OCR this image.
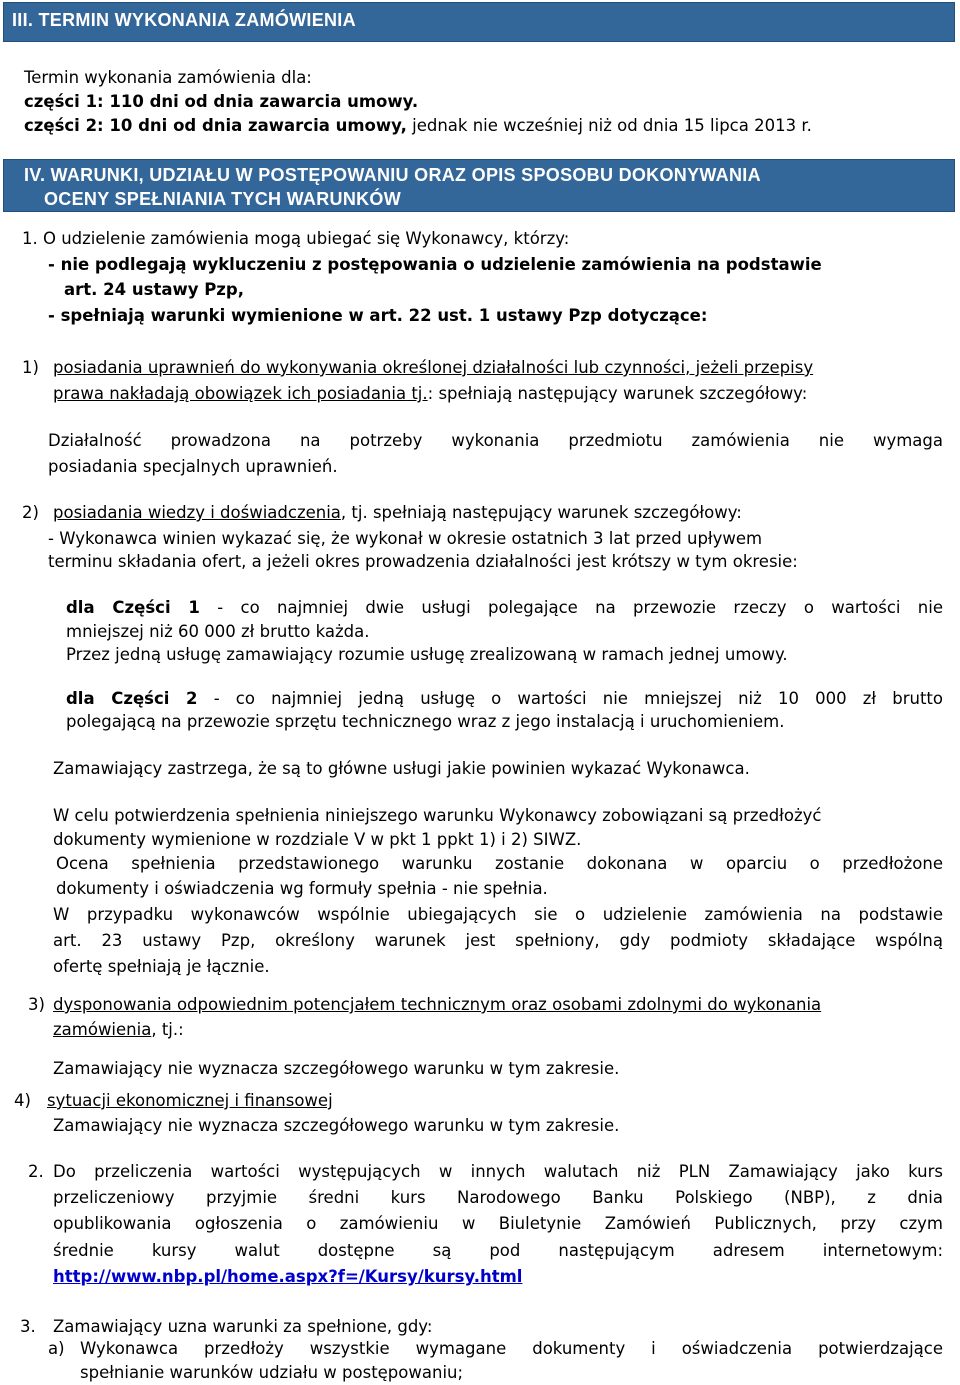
III. TERMIN WYKONANIA ZAMÓWIENIA
Termin wykonania zamówienia dla:
części 1: 110 dni od dnia zawarcia umowy.
części 2: 10 dni od dnia zawarcia umowy, jednak nie wcześniej niż od dnia 15 lipca 2013 r.
IV. WARUNKI, UDZIAŁU W POSTĘPOWANIU ORAZ OPIS SPOSOBU DOKONYWANIA
OCENY SPEŁNIANIA TYCH WARUNKÓW
1. O udzielenie zamówienia mogą ubiegać się Wykonawcy, którzy:
- nie podlegają wykluczeniu z postępowania o udzielenie zamówienia na podstawie
art. 24 ustawy Pzp,
- spełniają warunki wymienione w art. 22 ust. 1 ustawy Pzp dotyczące:
1) posiadania uprawnień do wykonywania określonej działalności lub czynności, jeżeli przepisy
prawa nakładają obowiązek ich posiadania tj.: spełniają następujący warunek szczegółowy:
Działalność prowadzona na potrzeby wykonania przedmiotu zamówienia nie wymaga
posiadania specjalnych uprawnień.
2) posiadania wiedzy i doświadczenia, tj. spełniają następujący warunek szczegółowy:
- Wykonawca winien wykazać się, że wykonał w okresie ostatnich 3 lat przed upływem
terminu składania ofert, a jeżeli okres prowadzenia działalności jest krótszy w tym okresie:
dla Części 1 - co najmniej dwie usługi polegające na przewozie rzeczy o wartości nie
mniejszej niż 60 000 zł brutto każda.
Przez jedną usługę zamawiający rozumie usługę zrealizowaną w ramach jednej umowy.
dla Części 2 - co najmniej jedną usługę o wartości nie mniejszej niż 10 000 zł brutto
polegającą na przewozie sprzętu technicznego wraz z jego instalacją i uruchomieniem.
Zamawiający zastrzega, że są to główne usługi jakie powinien wykazać Wykonawca.
W celu potwierdzenia spełnienia niniejszego warunku Wykonawcy zobowiązani są przedłożyć
dokumenty wymienione w rozdziale V w pkt 1 ppkt 1) i 2) SIWZ.
Ocena spełnienia przedstawionego warunku zostanie dokonana w oparciu o przedłożone
dokumenty i oświadczenia wg formuły spełnia - nie spełnia.
W przypadku wykonawców wspólnie ubiegających sie o udzielenie zamówienia na podstawie
art. 23 ustawy Pzp, określony warunek jest spełniony, gdy podmioty składające wspólną
ofertę spełniają je łącznie.
3) dysponowania odpowiednim potencjałem technicznym oraz osobami zdolnymi do wykonania
zamówienia, tj.:
Zamawiający nie wyznacza szczegółowego warunku w tym zakresie.
4) sytuacji ekonomicznej i finansowej
Zamawiający nie wyznacza szczegółowego warunku w tym zakresie.
2. Do przeliczenia wartości występujących w innych walutach niż PLN Zamawiający jako kurs
przeliczeniowy przyjmie średni kurs Narodowego Banku Polskiego (NBP), z dnia
opublikowania ogłoszenia o zamówieniu w Biuletynie Zamówień Publicznych, przy czym
średnie kursy walut dostępne są pod następującym adresem internetowym:
http://www.nbp.pl/home.aspx?f=/Kursy/kursy.html
3. Zamawiający uzna warunki za spełnione, gdy:
a) Wykonawca przedłoży wszystkie wymagane dokumenty i oświadczenia potwierdzające
spełnianie warunków udziału w postępowaniu;
